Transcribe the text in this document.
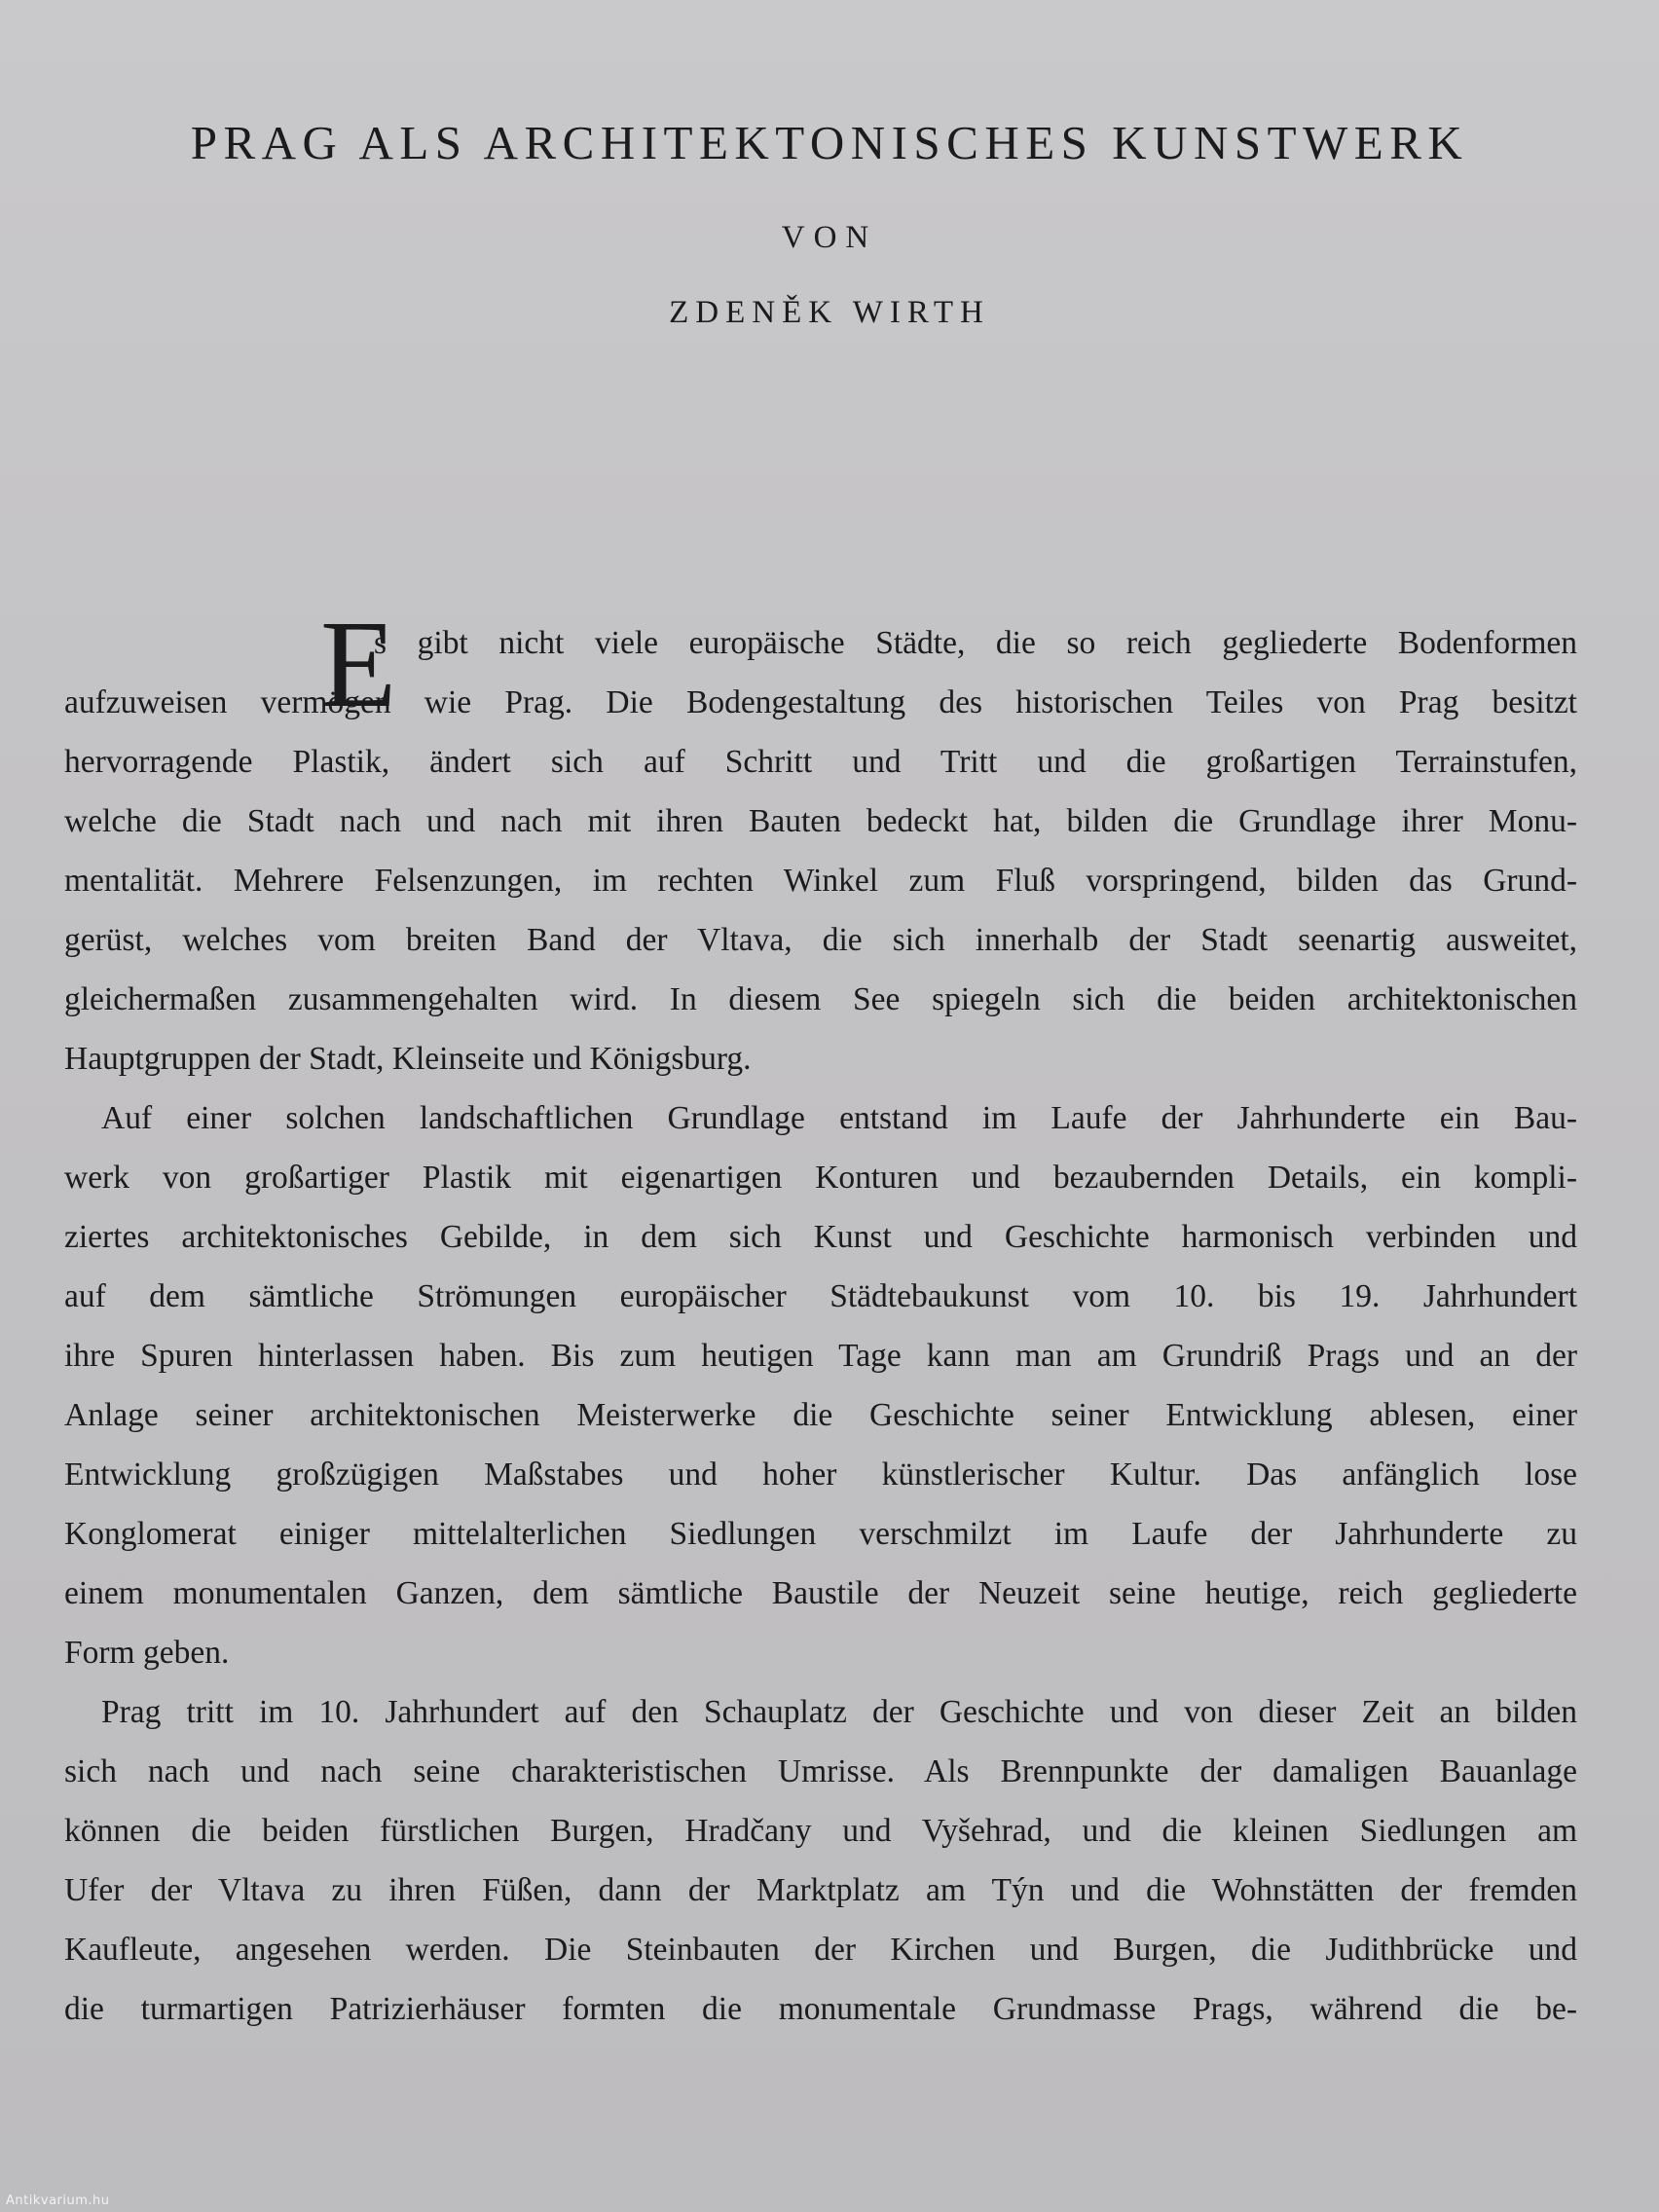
PRAG ALS ARCHITEKTONISCHES KUNSTWERK
VON
ZDENĚK WIRTH
E
s gibt nicht viele europäische Städte, die so reich gegliederte Bodenformen
aufzuweisen vermögen wie Prag. Die Bodengestaltung des historischen Teiles von Prag besitzt
hervorragende Plastik, ändert sich auf Schritt und Tritt und die großartigen Terrainstufen,
welche die Stadt nach und nach mit ihren Bauten bedeckt hat, bilden die Grundlage ihrer Monu-
mentalität. Mehrere Felsenzungen, im rechten Winkel zum Fluß vorspringend, bilden das Grund-
gerüst, welches vom breiten Band der Vltava, die sich innerhalb der Stadt seenartig ausweitet,
gleichermaßen zusammengehalten wird. In diesem See spiegeln sich die beiden architektonischen
Hauptgruppen der Stadt, Kleinseite und Königsburg.
Auf einer solchen landschaftlichen Grundlage entstand im Laufe der Jahrhunderte ein Bau-
werk von großartiger Plastik mit eigenartigen Konturen und bezaubernden Details, ein kompli-
ziertes architektonisches Gebilde, in dem sich Kunst und Geschichte harmonisch verbinden und
auf dem sämtliche Strömungen europäischer Städtebaukunst vom 10. bis 19. Jahrhundert
ihre Spuren hinterlassen haben. Bis zum heutigen Tage kann man am Grundriß Prags und an der
Anlage seiner architektonischen Meisterwerke die Geschichte seiner Entwicklung ablesen, einer
Entwicklung großzügigen Maßstabes und hoher künstlerischer Kultur. Das anfänglich lose
Konglomerat einiger mittelalterlichen Siedlungen verschmilzt im Laufe der Jahrhunderte zu
einem monumentalen Ganzen, dem sämtliche Baustile der Neuzeit seine heutige, reich gegliederte
Form geben.
Prag tritt im 10. Jahrhundert auf den Schauplatz der Geschichte und von dieser Zeit an bilden
sich nach und nach seine charakteristischen Umrisse. Als Brennpunkte der damaligen Bauanlage
können die beiden fürstlichen Burgen, Hradčany und Vyšehrad, und die kleinen Siedlungen am
Ufer der Vltava zu ihren Füßen, dann der Marktplatz am Týn und die Wohnstätten der fremden
Kaufleute, angesehen werden. Die Steinbauten der Kirchen und Burgen, die Judithbrücke und
die turmartigen Patrizierhäuser formten die monumentale Grundmasse Prags, während die be-
Antikvarium.hu
